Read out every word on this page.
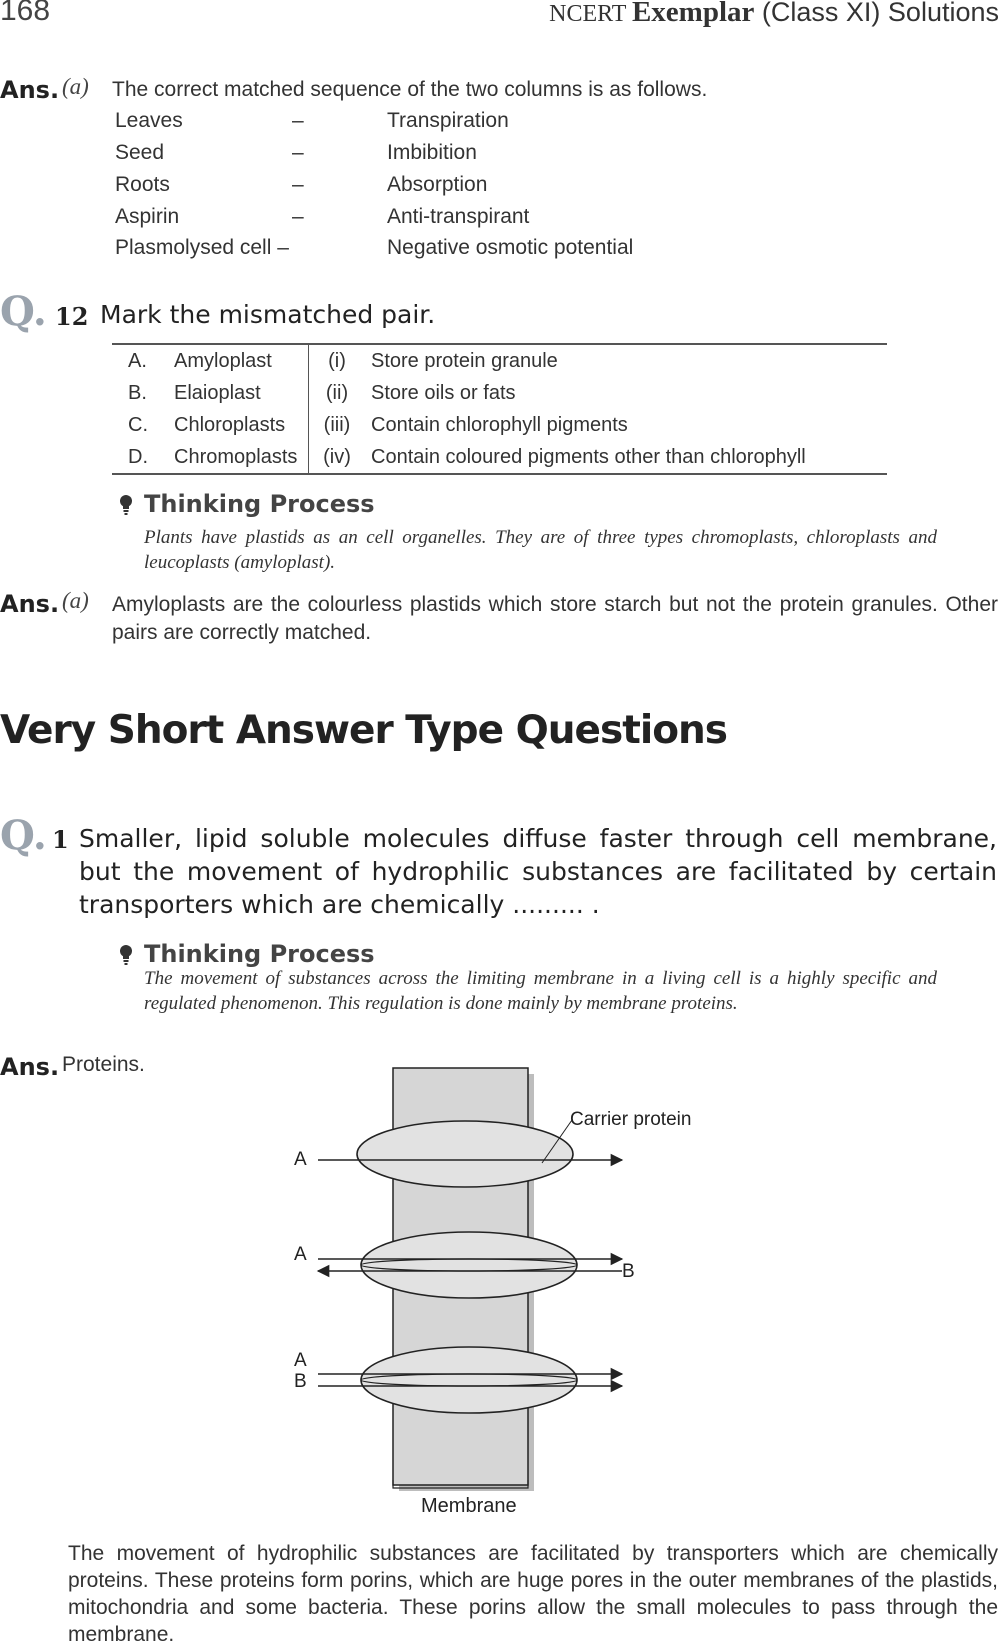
168	NCERT Exemplar (Class XI) Solutions
Ans. (a) The correct matched sequence of the two columns is as follows.
Leaves	–	Transpiration
Seed	–	Imbibition
Roots	–	Absorption
Aspirin	–	Anti-transpirant
Plasmolysed cell –	Negative osmotic potential
Q. 12 Mark the mismatched pair.
A.	Amyloplast	(i)	Store protein granule
B.	Elaioplast	(ii)	Store oils or fats
C.	Chloroplasts	(iii)	Contain chlorophyll pigments
D.	Chromoplasts	(iv)	Contain coloured pigments other than chlorophyll
Thinking Process
Plants have plastids as an cell organelles. They are of three types chromoplasts, chloroplasts and leucoplasts (amyloplast).
Ans. (a) Amyloplasts are the colourless plastids which store starch but not the protein granules. Other pairs are correctly matched.
Very Short Answer Type Questions
Q. 1 Smaller, lipid soluble molecules diffuse faster through cell membrane, but the movement of hydrophilic substances are facilitated by certain transporters which are chemically ......... .
Thinking Process
The movement of substances across the limiting membrane in a living cell is a highly specific and regulated phenomenon. This regulation is done mainly by membrane proteins.
Ans. Proteins.
Carrier protein
A
A
B
A
B
Membrane
The movement of hydrophilic substances are facilitated by transporters which are chemically proteins. These proteins form porins, which are huge pores in the outer membranes of the plastids, mitochondria and some bacteria. These porins allow the small molecules to pass through the membrane.
